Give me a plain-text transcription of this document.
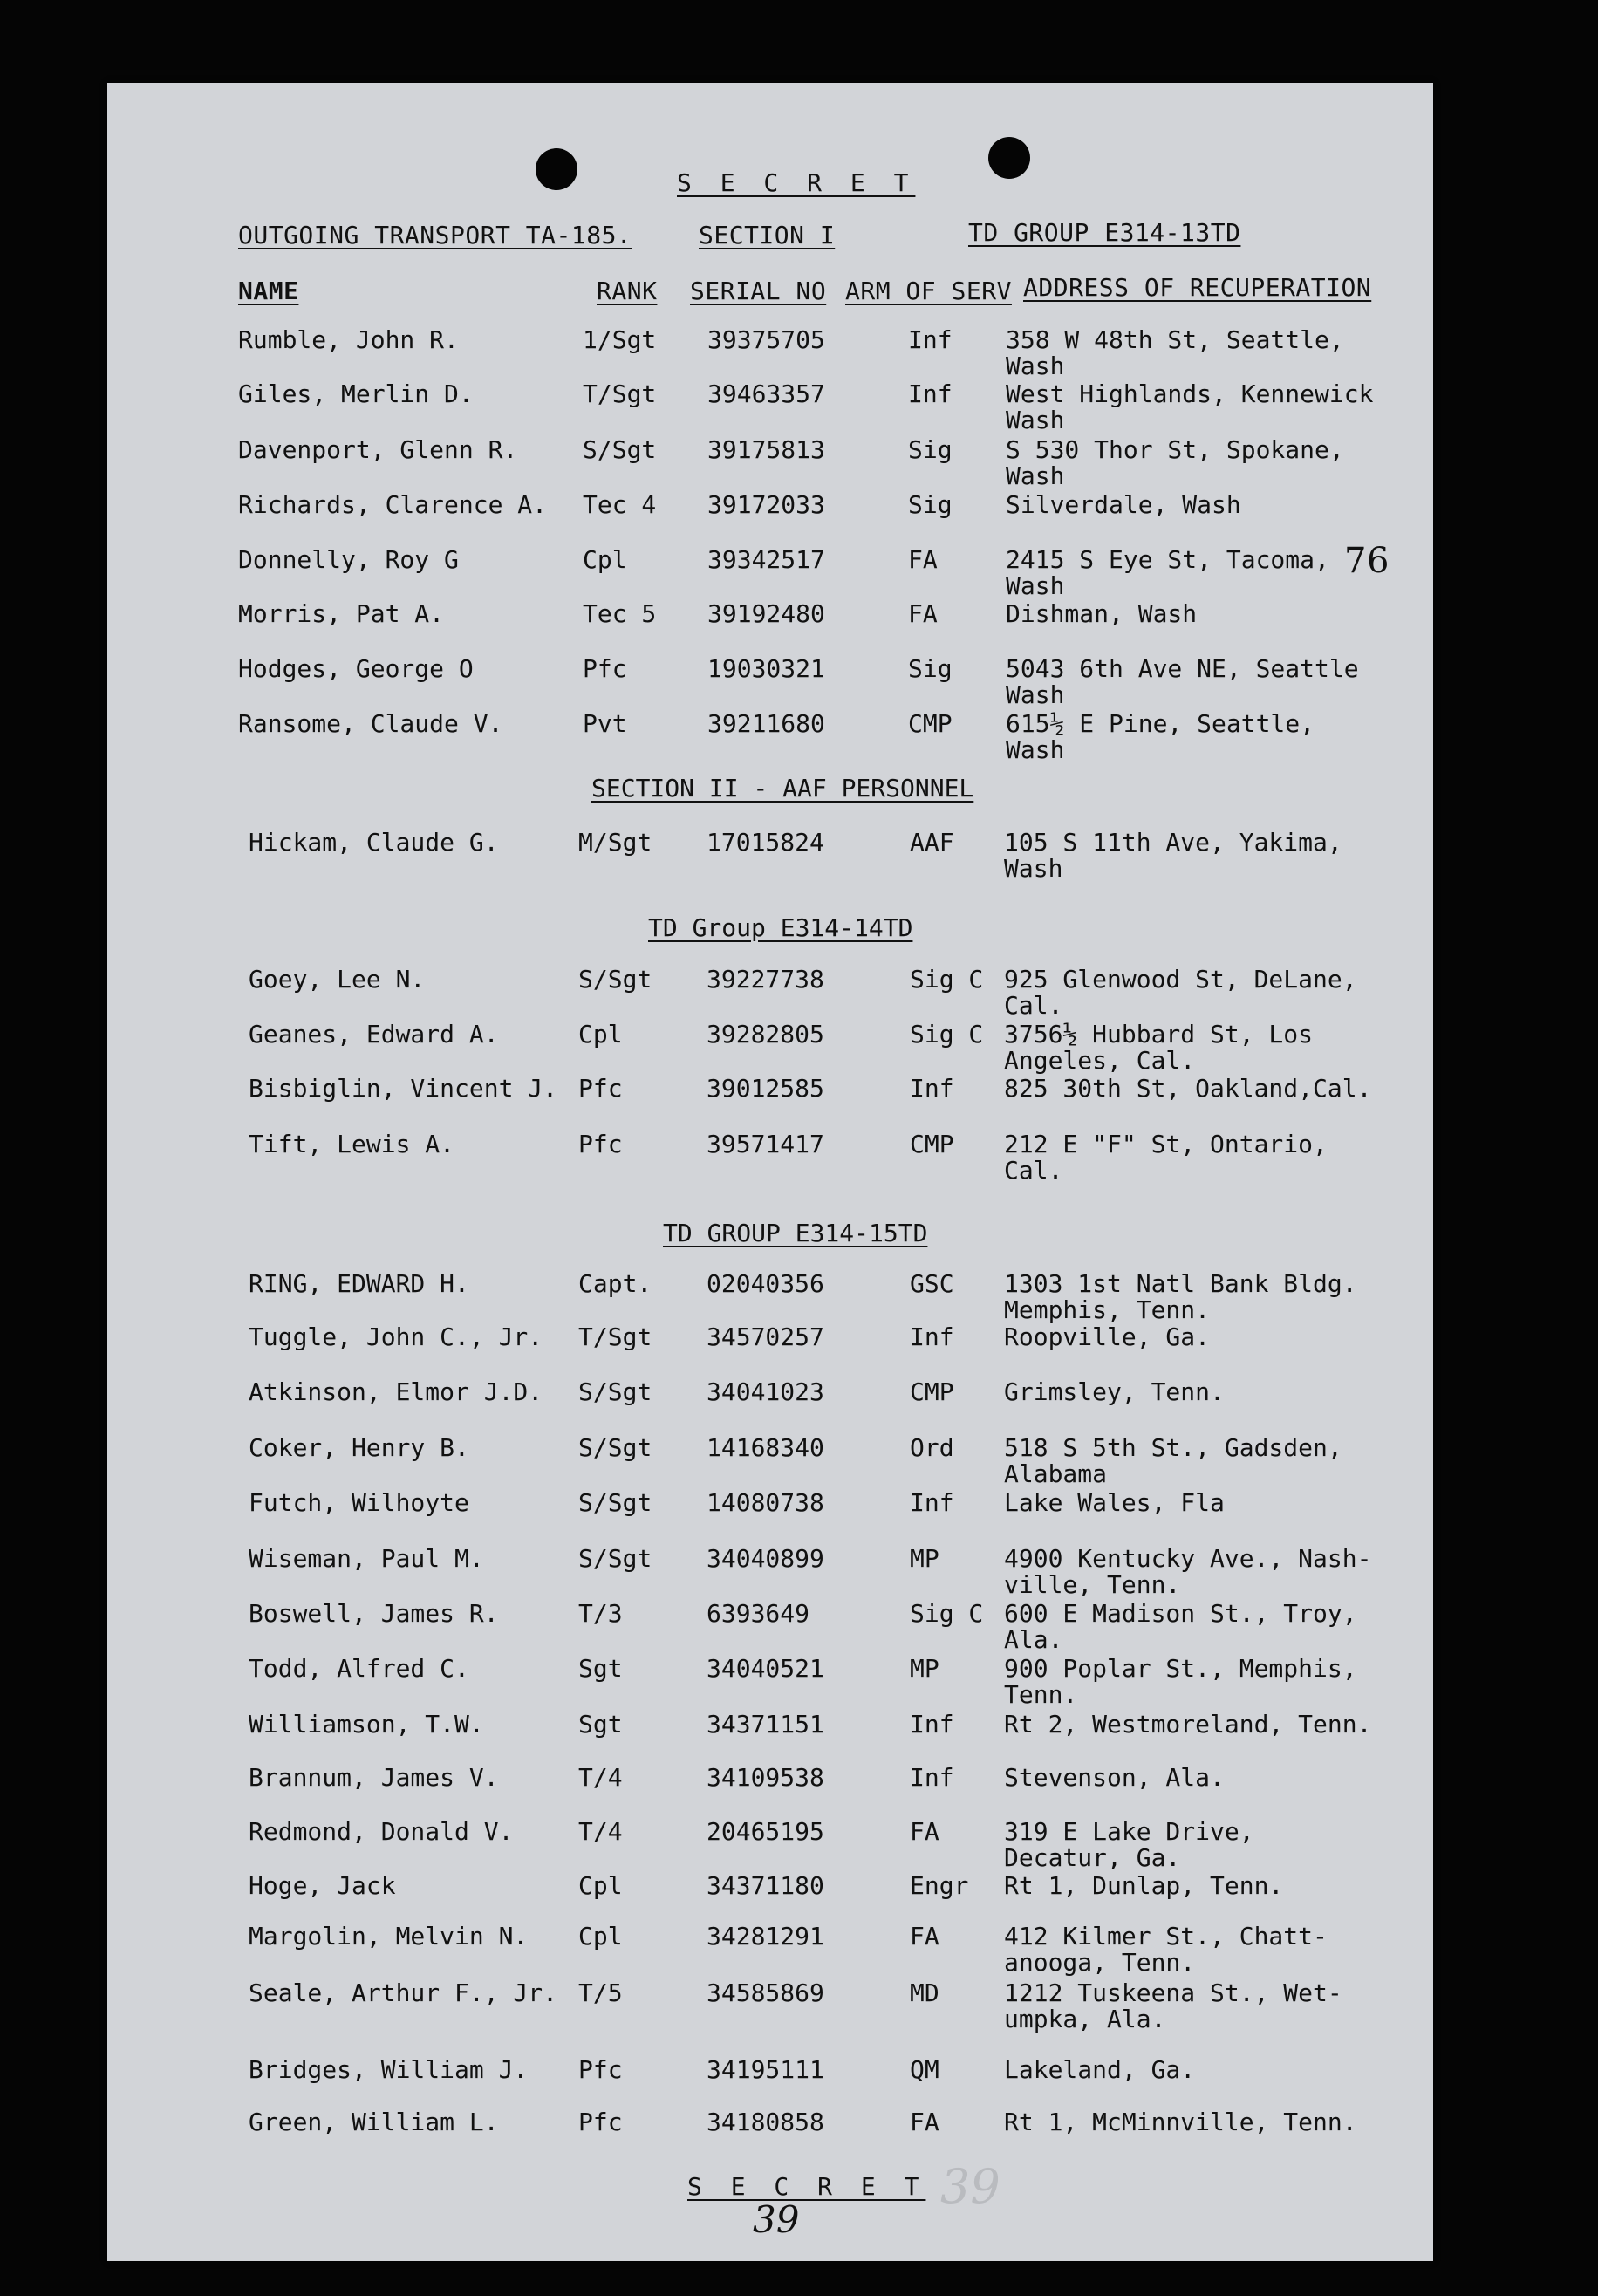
S E C R E T
OUTGOING TRANSPORT TA-185.	SECTION I	TD GROUP E314-13TD
NAME	RANK SERIAL NO ARM OF SERV ADDRESS OF RECUPERATION
76
Rumble, John R.	1/Sgt 39375705	Inf 358 W 48th St, Seattle,
Wash
Giles, Merlin D.	T/Sgt 39463357	Inf West Highlands, Kennewick
Wash
Davenport, Glenn R.	S/Sgt 39175813	Sig S 530 Thor St, Spokane,
Wash
Richards, Clarence A. Tec 4 39172033	Sig Silverdale, Wash
Donnelly, Roy G	Cpl	39342517	FA	2415 S Eye St, Tacoma,
Wash
Morris, Pat A.	Tec 5 39192480	FA	Dishman, Wash
Hodges, George O	Pfc	19030321	Sig 5043 6th Ave NE, Seattle
Wash
Ransome, Claude V.	Pvt	39211680	CMP 615½ E Pine, Seattle,
Wash
SECTION II - AAF PERSONNEL
Hickam, Claude G.	M/Sgt 17015824	AAF 105 S 11th Ave, Yakima,
Wash
TD Group E314-14TD
Goey, Lee N.	S/Sgt 39227738	Sig C 925 Glenwood St, DeLane,
Cal.
Geanes, Edward A.	Cpl	39282805	Sig C 3756½ Hubbard St, Los
Angeles, Cal.
Bisbiglin, Vincent J. Pfc	39012585	Inf 825 30th St, Oakland,Cal.
Tift, Lewis A.	Pfc	39571417	CMP 212 E "F" St, Ontario,
Cal.
TD GROUP E314-15TD
RING, EDWARD H.	Capt. 02040356	GSC 1303 1st Natl Bank Bldg.
Memphis, Tenn.
Tuggle, John C., Jr. T/Sgt 34570257	Inf Roopville, Ga.
Atkinson, Elmor J.D. S/Sgt 34041023	CMP Grimsley, Tenn.
Coker, Henry B.	S/Sgt 14168340	Ord 518 S 5th St., Gadsden,
Alabama
Futch, Wilhoyte	S/Sgt 14080738	Inf Lake Wales, Fla
Wiseman, Paul M.	S/Sgt 34040899	MP	4900 Kentucky Ave., Nash-
ville, Tenn.
Boswell, James R.	T/3	6393649	Sig C 600 E Madison St., Troy,
Ala.
Todd, Alfred C.	Sgt	34040521	MP	900 Poplar St., Memphis,
Tenn.
Williamson, T.W.	Sgt	34371151	Inf Rt 2, Westmoreland, Tenn.
Brannum, James V.	T/4	34109538	Inf Stevenson, Ala.
Redmond, Donald V.	T/4	20465195	FA	319 E Lake Drive,
Decatur, Ga.
Hoge, Jack	Cpl	34371180	Engr Rt 1, Dunlap, Tenn.
Margolin, Melvin N. Cpl	34281291	FA	412 Kilmer St., Chatt-
anooga, Tenn.
Seale, Arthur F., Jr. T/5	34585869	MD	1212 Tuskeena St., Wet-
umpka, Ala.
Bridges, William J. Pfc	34195111	QM	Lakeland, Ga.
Green, William L.	Pfc	34180858	FA	Rt 1, McMinnville, Tenn.
S E C R E T
39
39
